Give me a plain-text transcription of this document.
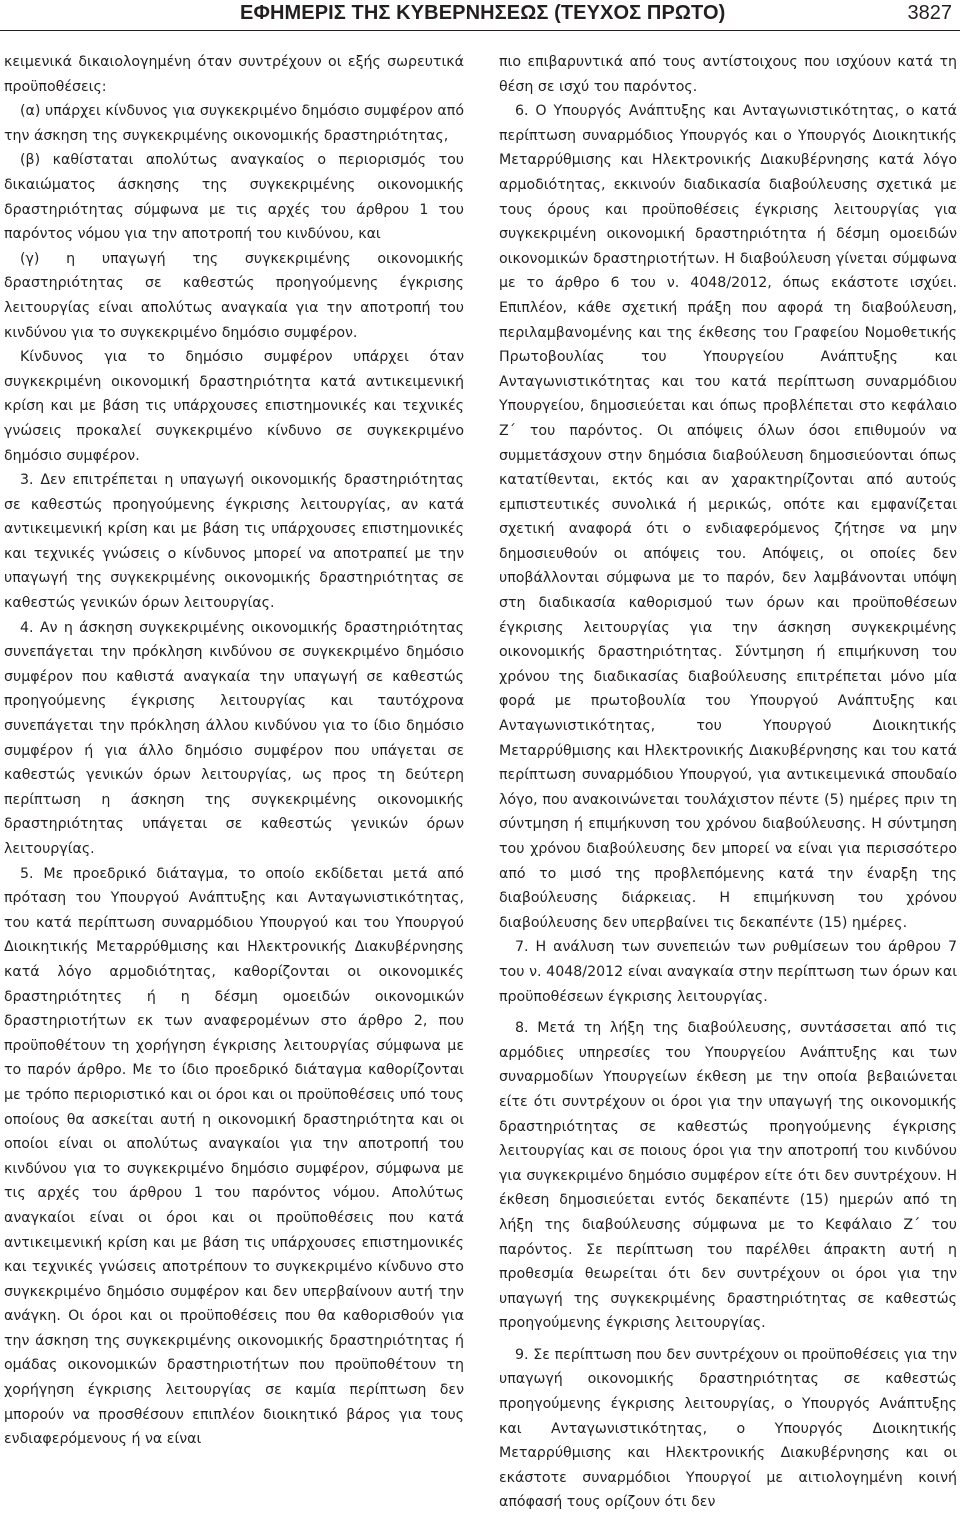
ΕΦΗΜΕΡΙΣ ΤΗΣ ΚΥΒΕΡΝΗΣΕΩΣ (ΤΕΥΧΟΣ ΠΡΩΤΟ)	3827

κειμενικά δικαιολογημένη όταν συντρέχουν οι εξής σωρευτικά προϋποθέσεις:

(α) υπάρχει κίνδυνος για συγκεκριμένο δημόσιο συμφέρον από την άσκηση της συγκεκριμένης οικονομικής δραστηριότητας,

(β) καθίσταται απολύτως αναγκαίος ο περιορισμός του δικαιώματος άσκησης της συγκεκριμένης οικονομικής δραστηριότητας σύμφωνα με τις αρχές του άρθρου 1 του παρόντος νόμου για την αποτροπή του κινδύνου, και

(γ) η υπαγωγή της συγκεκριμένης οικονομικής δραστηριότητας σε καθεστώς προηγούμενης έγκρισης λειτουργίας είναι απολύτως αναγκαία για την αποτροπή του κινδύνου για το συγκεκριμένο δημόσιο συμφέρον.

Κίνδυνος για το δημόσιο συμφέρον υπάρχει όταν συγκεκριμένη οικονομική δραστηριότητα κατά αντικειμενική κρίση και με βάση τις υπάρχουσες επιστημονικές και τεχνικές γνώσεις προκαλεί συγκεκριμένο κίνδυνο σε συγκεκριμένο δημόσιο συμφέρον.

3. Δεν επιτρέπεται η υπαγωγή οικονομικής δραστηριότητας σε καθεστώς προηγούμενης έγκρισης λειτουργίας, αν κατά αντικειμενική κρίση και με βάση τις υπάρχουσες επιστημονικές και τεχνικές γνώσεις ο κίνδυνος μπορεί να αποτραπεί με την υπαγωγή της συγκεκριμένης οικονομικής δραστηριότητας σε καθεστώς γενικών όρων λειτουργίας.

4. Αν η άσκηση συγκεκριμένης οικονομικής δραστηριότητας συνεπάγεται την πρόκληση κινδύνου σε συγκεκριμένο δημόσιο συμφέρον που καθιστά αναγκαία την υπαγωγή σε καθεστώς προηγούμενης έγκρισης λειτουργίας και ταυτόχρονα συνεπάγεται την πρόκληση άλλου κινδύνου για το ίδιο δημόσιο συμφέρον ή για άλλο δημόσιο συμφέρον που υπάγεται σε καθεστώς γενικών όρων λειτουργίας, ως προς τη δεύτερη περίπτωση η άσκηση της συγκεκριμένης οικονομικής δραστηριότητας υπάγεται σε καθεστώς γενικών όρων λειτουργίας.

5. Με προεδρικό διάταγμα, το οποίο εκδίδεται μετά από πρόταση του Υπουργού Ανάπτυξης και Ανταγωνιστικότητας, του κατά περίπτωση συναρμόδιου Υπουργού και του Υπουργού Διοικητικής Μεταρρύθμισης και Ηλεκτρονικής Διακυβέρνησης κατά λόγο αρμοδιότητας, καθορίζονται οι οικονομικές δραστηριότητες ή η δέσμη ομοειδών οικονομικών δραστηριοτήτων εκ των αναφερομένων στο άρθρο 2, που προϋποθέτουν τη χορήγηση έγκρισης λειτουργίας σύμφωνα με το παρόν άρθρο. Με το ίδιο προεδρικό διάταγμα καθορίζονται με τρόπο περιοριστικό και οι όροι και οι προϋποθέσεις υπό τους οποίους θα ασκείται αυτή η οικονομική δραστηριότητα και οι οποίοι είναι οι απολύτως αναγκαίοι για την αποτροπή του κινδύνου για το συγκεκριμένο δημόσιο συμφέρον, σύμφωνα με τις αρχές του άρθρου 1 του παρόντος νόμου. Απολύτως αναγκαίοι είναι οι όροι και οι προϋποθέσεις που κατά αντικειμενική κρίση και με βάση τις υπάρχουσες επιστημονικές και τεχνικές γνώσεις αποτρέπουν το συγκεκριμένο κίνδυνο στο συγκεκριμένο δημόσιο συμφέρον και δεν υπερβαίνουν αυτή την ανάγκη. Οι όροι και οι προϋποθέσεις που θα καθορισθούν για την άσκηση της συγκεκριμένης οικονομικής δραστηριότητας ή ομάδας οικονομικών δραστηριοτήτων που προϋποθέτουν τη χορήγηση έγκρισης λειτουργίας σε καμία περίπτωση δεν μπορούν να προσθέσουν επιπλέον διοικητικό βάρος για τους ενδιαφερόμενους ή να είναι

πιο επιβαρυντικά από τους αντίστοιχους που ισχύουν κατά τη θέση σε ισχύ του παρόντος.

6. Ο Υπουργός Ανάπτυξης και Ανταγωνιστικότητας, ο κατά περίπτωση συναρμόδιος Υπουργός και ο Υπουργός Διοικητικής Μεταρρύθμισης και Ηλεκτρονικής Διακυβέρνησης κατά λόγο αρμοδιότητας, εκκινούν διαδικασία διαβούλευσης σχετικά με τους όρους και προϋποθέσεις έγκρισης λειτουργίας για συγκεκριμένη οικονομική δραστηριότητα ή δέσμη ομοειδών οικονομικών δραστηριοτήτων. Η διαβούλευση γίνεται σύμφωνα με το άρθρο 6 του ν. 4048/2012, όπως εκάστοτε ισχύει. Επιπλέον, κάθε σχετική πράξη που αφορά τη διαβούλευση, περιλαμβανομένης και της έκθεσης του Γραφείου Νομοθετικής Πρωτοβουλίας του Υπουργείου Ανάπτυξης και Ανταγωνιστικότητας και του κατά περίπτωση συναρμόδιου Υπουργείου, δημοσιεύεται και όπως προβλέπεται στο κεφάλαιο Ζ΄ του παρόντος. Οι απόψεις όλων όσοι επιθυμούν να συμμετάσχουν στην δημόσια διαβούλευση δημοσιεύονται όπως κατατίθενται, εκτός και αν χαρακτηρίζονται από αυτούς εμπιστευτικές συνολικά ή μερικώς, οπότε και εμφανίζεται σχετική αναφορά ότι ο ενδιαφερόμενος ζήτησε να μην δημοσιευθούν οι απόψεις του. Απόψεις, οι οποίες δεν υποβάλλονται σύμφωνα με το παρόν, δεν λαμβάνονται υπόψη στη διαδικασία καθορισμού των όρων και προϋποθέσεων έγκρισης λειτουργίας για την άσκηση συγκεκριμένης οικονομικής δραστηριότητας. Σύντμηση ή επιμήκυνση του χρόνου της διαδικασίας διαβούλευσης επιτρέπεται μόνο μία φορά με πρωτοβουλία του Υπουργού Ανάπτυξης και Ανταγωνιστικότητας, του Υπουργού Διοικητικής Μεταρρύθμισης και Ηλεκτρονικής Διακυβέρνησης και του κατά περίπτωση συναρμόδιου Υπουργού, για αντικειμενικά σπουδαίο λόγο, που ανακοινώνεται τουλάχιστον πέντε (5) ημέρες πριν τη σύντμηση ή επιμήκυνση του χρόνου διαβούλευσης. Η σύντμηση του χρόνου διαβούλευσης δεν μπορεί να είναι για περισσότερο από το μισό της προβλεπόμενης κατά την έναρξη της διαβούλευσης διάρκειας. Η επιμήκυνση του χρόνου διαβούλευσης δεν υπερβαίνει τις δεκαπέντε (15) ημέρες.

7. Η ανάλυση των συνεπειών των ρυθμίσεων του άρθρου 7 του ν. 4048/2012 είναι αναγκαία στην περίπτωση των όρων και προϋποθέσεων έγκρισης λειτουργίας.

8. Μετά τη λήξη της διαβούλευσης, συντάσσεται από τις αρμόδιες υπηρεσίες του Υπουργείου Ανάπτυξης και των συναρμοδίων Υπουργείων έκθεση με την οποία βεβαιώνεται είτε ότι συντρέχουν οι όροι για την υπαγωγή της οικονομικής δραστηριότητας σε καθεστώς προηγούμενης έγκρισης λειτουργίας και σε ποιους όροι για την αποτροπή του κινδύνου για συγκεκριμένο δημόσιο συμφέρον είτε ότι δεν συντρέχουν. Η έκθεση δημοσιεύεται εντός δεκαπέντε (15) ημερών από τη λήξη της διαβούλευσης σύμφωνα με το Κεφάλαιο Ζ΄ του παρόντος. Σε περίπτωση του παρέλθει άπρακτη αυτή η προθεσμία θεωρείται ότι δεν συντρέχουν οι όροι για την υπαγωγή της συγκεκριμένης δραστηριότητας σε καθεστώς προηγούμενης έγκρισης λειτουργίας.

9. Σε περίπτωση που δεν συντρέχουν οι προϋποθέσεις για την υπαγωγή οικονομικής δραστηριότητας σε καθεστώς προηγούμενης έγκρισης λειτουργίας, ο Υπουργός Ανάπτυξης και Ανταγωνιστικότητας, ο Υπουργός Διοικητικής Μεταρρύθμισης και Ηλεκτρονικής Διακυβέρνησης και οι εκάστοτε συναρμόδιοι Υπουργοί με αιτιολογημένη κοινή απόφασή τους ορίζουν ότι δεν
